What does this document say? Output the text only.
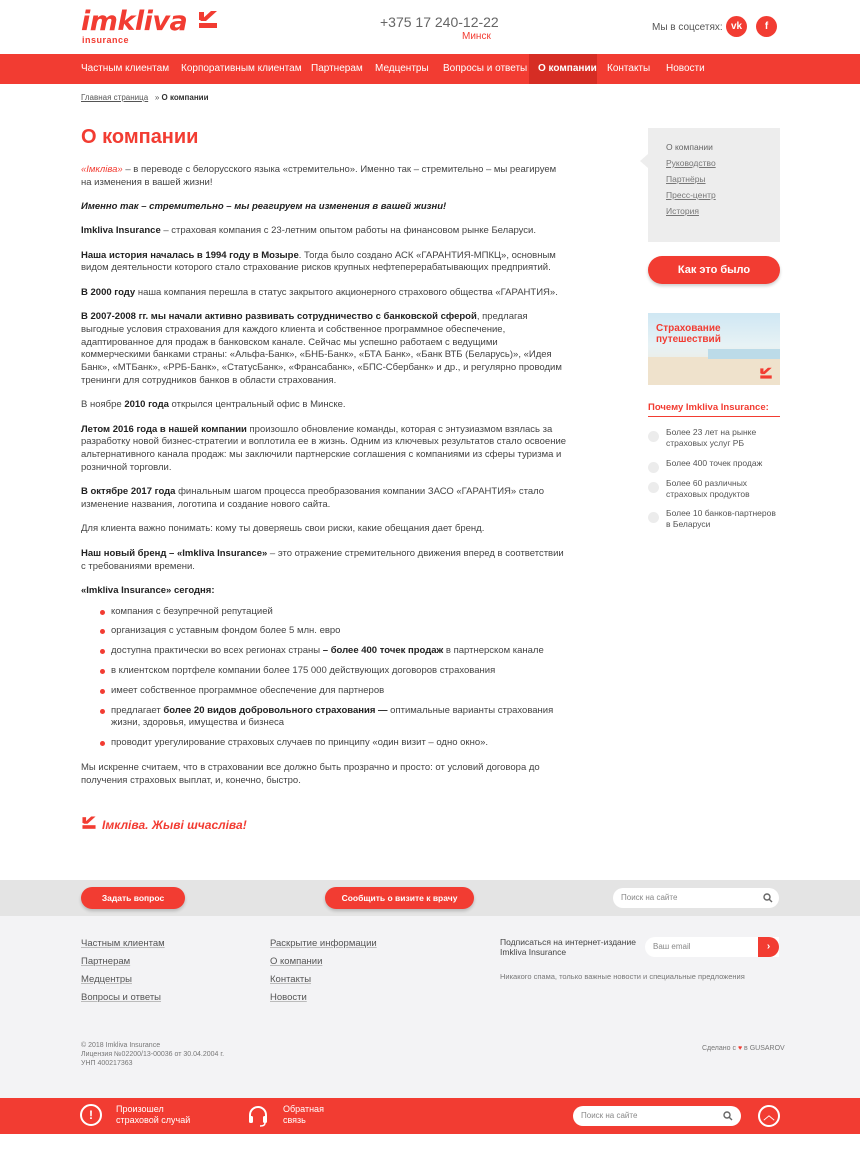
imkliva
insurance
+375 17 240-12-22
Минск
Мы в соцсетях: vk	f
Частным клиентам	Корпоративным клиентам Партнерам	Медцентры	Вопросы и ответы	О компании	Контакты	Новости
Главная страница » О компании
О компании

«Імкліва» – в переводе с белорусского языка «стремительно». Именно так – стремительно – мы реагируем на изменения в вашей жизни!

Именно так – стремительно – мы реагируем на изменения в вашей жизни!

Imkliva Insurance – страховая компания с 23-летним опытом работы на финансовом рынке Беларуси.

Наша история началась в 1994 году в Мозыре. Тогда было создано АСК «ГАРАНТИЯ-МПКЦ», основным видом деятельности которого стало страхование рисков крупных нефтеперерабатывающих предприятий.

В 2000 году наша компания перешла в статус закрытого акционерного страхового общества «ГАРАНТИЯ».

В 2007-2008 гг. мы начали активно развивать сотрудничество с банковской сферой, предлагая выгодные условия страхования для каждого клиента и собственное программное обеспечение, адаптированное для продаж в банковском канале. Сейчас мы успешно работаем с ведущими коммерческими банками страны: «Альфа-Банк», «БНБ-Банк», «БТА Банк», «Банк ВТБ (Беларусь)», «Идея Банк», «МТБанк», «РРБ-Банк», «СтатусБанк», «Франсабанк», «БПС-Сбербанк» и др., и регулярно проводим тренинги для сотрудников банков в области страхования.

В ноябре 2010 года открылся центральный офис в Минске.

Летом 2016 года в нашей компании произошло обновление команды, которая с энтузиазмом взялась за разработку новой бизнес-стратегии и воплотила ее в жизнь. Одним из ключевых результатов стало освоение альтернативного канала продаж: мы заключили партнерские соглашения с компаниями из сферы туризма и розничной торговли.

В октябре 2017 года финальным шагом процесса преобразования компании ЗАСО «ГАРАНТИЯ» стало изменение названия, логотипа и создание нового сайта.

Для клиента важно понимать: кому ты доверяешь свои риски, какие обещания дает бренд.

Наш новый бренд – «Imkliva Insurance» – это отражение стремительного движения вперед в соответствии с требованиями времени.

«Imkliva Insurance» сегодня:

компания с безупречной репутацией
организация с уставным фондом более 5 млн. евро
доступна практически во всех регионах страны – более 400 точек продаж в партнерском канале
в клиентском портфеле компании более 175 000 действующих договоров страхования
имеет собственное программное обеспечение для партнеров
предлагает более 20 видов добровольного страхования — оптимальные варианты страхования жизни, здоровья, имущества и бизнеса
проводит урегулирование страховых случаев по принципу «один визит – одно окно».

Мы искренне считаем, что в страховании все должно быть прозрачно и просто: от условий договора до получения страховых выплат, и, конечно, быстро.

Імкліва. Жыві шчасліва!
О компании
Руководство
Партнёры
Пресс-центр
История
Как это было
Страхование
путешествий
Почему Imkliva Insurance:
Более 23 лет на рынке страховых услуг РБ
Более 400 точек продаж
Более 60 различных страховых продуктов
Более 10 банков-партнеров в Беларуси
Задать вопрос	Сообщить о визите к врачу	Поиск на сайте
Частным клиентам
Партнерам
Медцентры
Вопросы и ответы
Раскрытие информации
О компании
Контакты
Новости
Подписаться на интернет-издание Imkliva Insurance
Ваш email	›
Никакого спама, только важные новости и специальные предложения
© 2018 Imkliva Insurance
Лицензия №02200/13-00036 от 30.04.2004 г.
УНП 400217363
Сделано с ♥ в GUSAROV
!	Произошел
страховой случай
Обратная
связь	Поиск на сайте	︿
